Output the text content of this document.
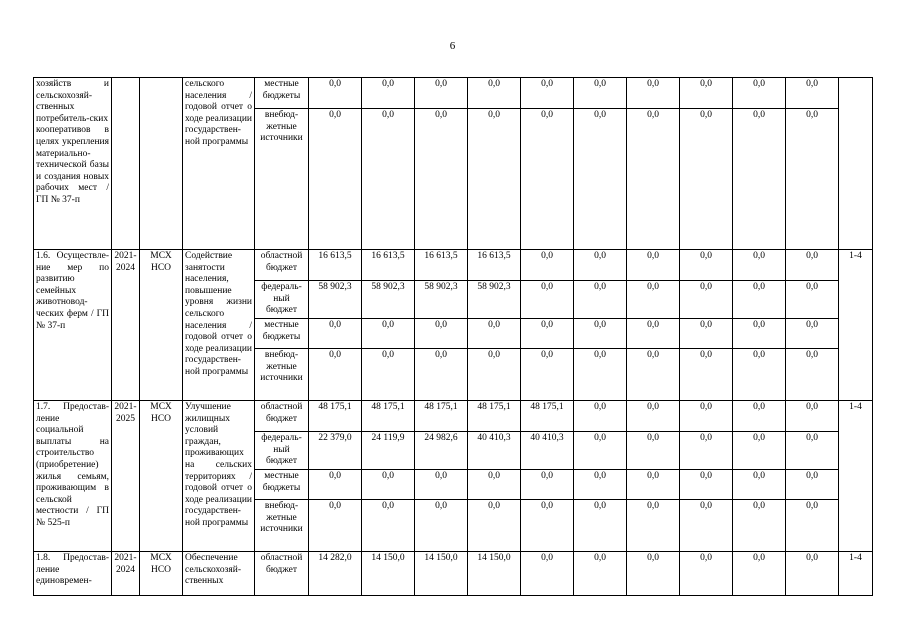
6
хозяйств и сельскохозяй-ственных потребитель-ских кооперативов в целях укрепления материально-технической базы и создания новых рабочих мест / ГП № 37-п			сельского населения / годовой отчет о ходе реализации государствен-ной программы	местные бюджеты	0,0	0,0	0,0	0,0	0,0	0,0	0,0	0,0	0,0	0,0	
				внебюд-жетные источники	0,0	0,0	0,0	0,0	0,0	0,0	0,0	0,0	0,0	0,0	
1.6. Осуществле-ние мер по развитию семейных животновод-ческих ферм / ГП № 37-п	2021-2024	МСХ НСО	Содействие занятости населения, повышение уровня жизни сельского населения / годовой отчет о ходе реализации государствен-ной программы	областной бюджет	16 613,5	16 613,5	16 613,5	16 613,5	0,0	0,0	0,0	0,0	0,0	0,0	1-4
				федераль-ный бюджет	58 902,3	58 902,3	58 902,3	58 902,3	0,0	0,0	0,0	0,0	0,0	0,0	
				местные бюджеты	0,0	0,0	0,0	0,0	0,0	0,0	0,0	0,0	0,0	0,0	
				внебюд-жетные источники	0,0	0,0	0,0	0,0	0,0	0,0	0,0	0,0	0,0	0,0	
1.7. Предостав-ление социальной выплаты на строительство (приобретение) жилья семьям, проживающим в сельской местности / ГП № 525-п	2021-2025	МСХ НСО	Улучшение жилищных условий граждан, проживающих на сельских территориях / годовой отчет о ходе реализации государствен-ной программы	областной бюджет	48 175,1	48 175,1	48 175,1	48 175,1	48 175,1	0,0	0,0	0,0	0,0	0,0	1-4
				федераль-ный бюджет	22 379,0	24 119,9	24 982,6	40 410,3	40 410,3	0,0	0,0	0,0	0,0	0,0	
				местные бюджеты	0,0	0,0	0,0	0,0	0,0	0,0	0,0	0,0	0,0	0,0	
				внебюд-жетные источники	0,0	0,0	0,0	0,0	0,0	0,0	0,0	0,0	0,0	0,0	
1.8. Предостав-ление единовремен-	2021-2024	МСХ НСО	Обеспечение сельскохозяй-ственных	областной бюджет	14 282,0	14 150,0	14 150,0	14 150,0	0,0	0,0	0,0	0,0	0,0	0,0	1-4
